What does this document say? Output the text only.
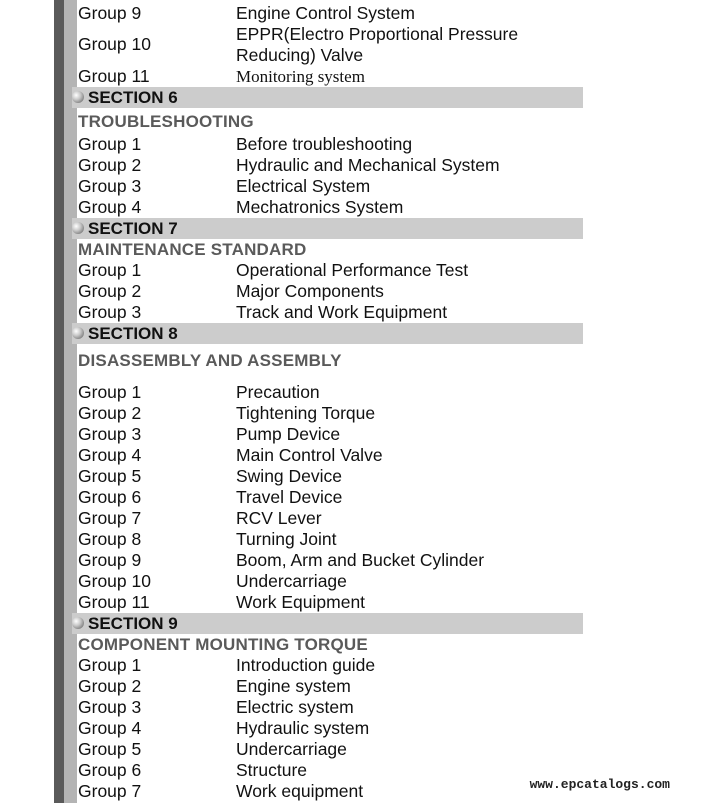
Group 9	Engine Control System
Group 10	EPPR(Electro Proportional Pressure
Reducing) Valve
Group 11	Monitoring system
SECTION 6
TROUBLESHOOTING
Group 1	Before troubleshooting
Group 2	Hydraulic and Mechanical System
Group 3	Electrical System
Group 4	Mechatronics System
SECTION 7
MAINTENANCE STANDARD
Group 1	Operational Performance Test
Group 2	Major Components
Group 3	Track and Work Equipment
SECTION 8
DISASSEMBLY AND ASSEMBLY
Group 1	Precaution
Group 2	Tightening Torque
Group 3	Pump Device
Group 4	Main Control Valve
Group 5	Swing Device
Group 6	Travel Device
Group 7	RCV Lever
Group 8	Turning Joint
Group 9	Boom, Arm and Bucket Cylinder
Group 10	Undercarriage
Group 11	Work Equipment
SECTION 9
COMPONENT MOUNTING TORQUE
Group 1	Introduction guide
Group 2	Engine system
Group 3	Electric system
Group 4	Hydraulic system
Group 5	Undercarriage
Group 6	Structure
Group 7	Work equipment	www.epcatalogs.com
